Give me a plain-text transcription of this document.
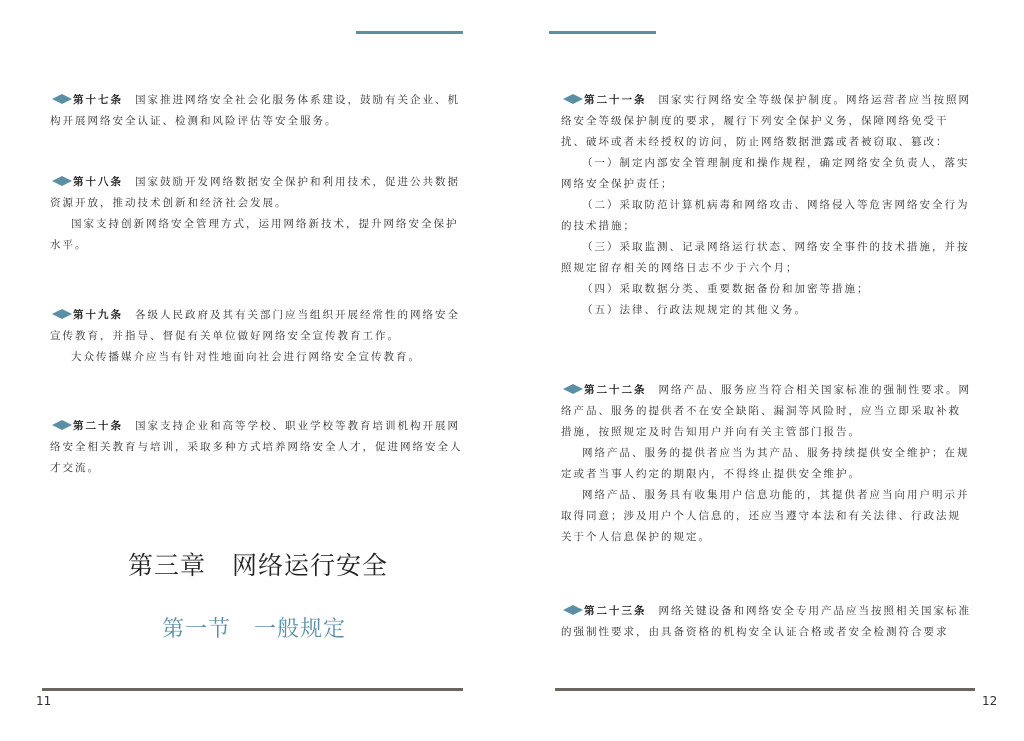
11	12

第十七条 国家推进网络安全社会化服务体系建设，鼓励有关企业、机构开展网络安全认证、检测和风险评估等安全服务。

第十八条 国家鼓励开发网络数据安全保护和利用技术，促进公共数据资源开放，推动技术创新和经济社会发展。

国家支持创新网络安全管理方式，运用网络新技术，提升网络安全保护水平。

第十九条 各级人民政府及其有关部门应当组织开展经常性的网络安全宣传教育，并指导、督促有关单位做好网络安全宣传教育工作。

大众传播媒介应当有针对性地面向社会进行网络安全宣传教育。

第二十条 国家支持企业和高等学校、职业学校等教育培训机构开展网络安全相关教育与培训，采取多种方式培养网络安全人才，促进网络安全人才交流。

第三章　网络运行安全
第一节　一般规定

第二十一条 国家实行网络安全等级保护制度。网络运营者应当按照网络安全等级保护制度的要求，履行下列安全保护义务，保障网络免受干扰、破坏或者未经授权的访问，防止网络数据泄露或者被窃取、篡改：

（一）制定内部安全管理制度和操作规程，确定网络安全负责人，落实网络安全保护责任；

（二）采取防范计算机病毒和网络攻击、网络侵入等危害网络安全行为的技术措施；

（三）采取监测、记录网络运行状态、网络安全事件的技术措施，并按照规定留存相关的网络日志不少于六个月；

（四）采取数据分类、重要数据备份和加密等措施；

（五）法律、行政法规规定的其他义务。

第二十二条 网络产品、服务应当符合相关国家标准的强制性要求。网络产品、服务的提供者不在安全缺陷、漏洞等风险时，应当立即采取补救措施，按照规定及时告知用户并向有关主管部门报告。

网络产品、服务的提供者应当为其产品、服务持续提供安全维护；在规定或者当事人约定的期限内，不得终止提供安全维护。

网络产品、服务具有收集用户信息功能的，其提供者应当向用户明示并取得同意；涉及用户个人信息的，还应当遵守本法和有关法律、行政法规关于个人信息保护的规定。

第二十三条 网络关键设备和网络安全专用产品应当按照相关国家标准的强制性要求，由具备资格的机构安全认证合格或者安全检测符合要求
